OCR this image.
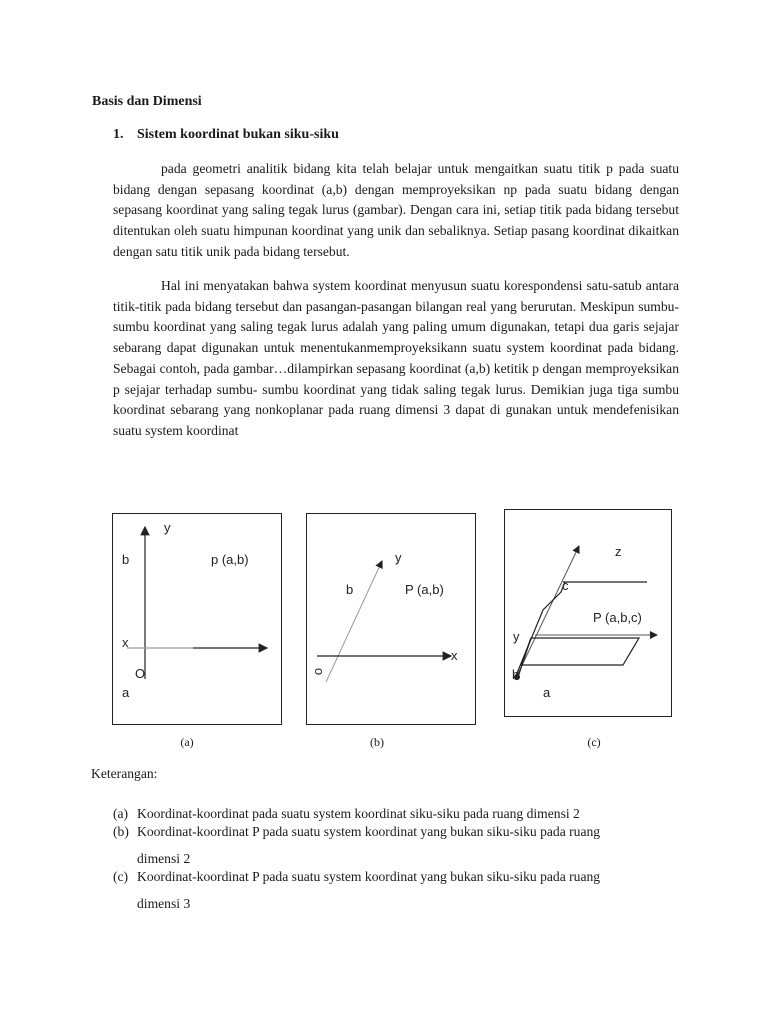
Basis dan Dimensi
1. Sistem koordinat bukan siku-siku

pada geometri analitik bidang kita telah belajar untuk mengaitkan suatu titik p pada suatu bidang dengan sepasang koordinat (a,b) dengan memproyeksikan np pada suatu bidang dengan sepasang koordinat yang saling tegak lurus (gambar). Dengan cara ini, setiap titik pada bidang tersebut ditentukan oleh suatu himpunan koordinat yang unik dan sebaliknya. Setiap pasang koordinat dikaitkan dengan satu titik unik pada bidang tersebut.

Hal ini menyatakan bahwa system koordinat menyusun suatu korespondensi satu-satub antara titik-titik pada bidang tersebut dan pasangan-pasangan bilangan real yang berurutan. Meskipun sumbu- sumbu koordinat yang saling tegak lurus adalah yang paling umum digunakan, tetapi dua garis sejajar sebarang dapat digunakan untuk menentukanmemproyeksikann suatu system koordinat pada bidang. Sebagai contoh, pada gambar…dilampirkan sepasang koordinat (a,b) ketitik p dengan memproyeksikan p sejajar terhadap sumbu- sumbu koordinat yang tidak saling tegak lurus. Demikian juga tiga sumbu koordinat sebarang yang nonkoplanar pada ruang dimensi 3 dapat di gunakan untuk mendefenisikan suatu system koordinat

y
b	p (a,b)
x
O
a
y
b	P (a,b)
o
x
z
c
P (a,b,c)
y
b
a
(a)	(b)	(c)
Keterangan:
(a) Koordinat-koordinat pada suatu system koordinat siku-siku pada ruang dimensi 2
(b) Koordinat-koordinat P pada suatu system koordinat yang bukan siku-siku pada ruang
dimensi 2
(c) Koordinat-koordinat P pada suatu system koordinat yang bukan siku-siku pada ruang
dimensi 3
